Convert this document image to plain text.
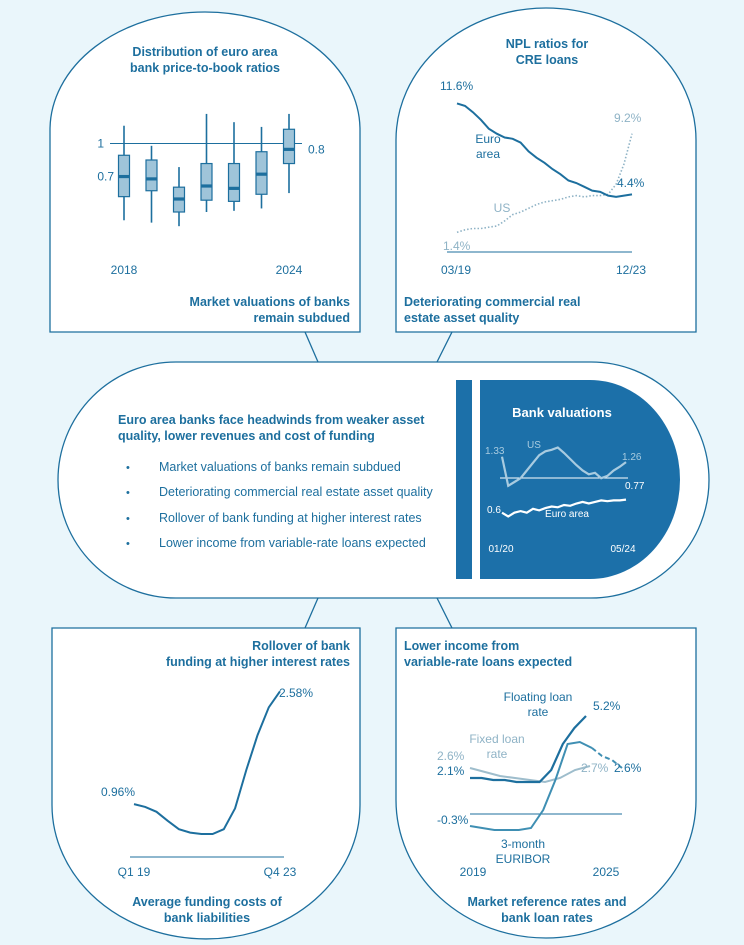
Distribution of euro area
bank price-to-book ratios
1
0.7
0.8
2018	2024
Market valuations of banks
remain subdued
NPL ratios for
CRE loans
11.6%
4.4%
1.4%
9.2%
Euro
area
US
03/19	12/23
Deteriorating commercial real
estate asset quality
Euro area banks face headwinds from weaker asset
quality, lower revenues and cost of funding
• Market valuations of banks remain subdued
• Deteriorating commercial real estate asset quality
• Rollover of bank funding at higher interest rates
• Lower income from variable-rate loans expected
Bank valuations
1.33
1.26
US
0.6
0.77
Euro area
01/20	05/24
Rollover of bank
funding at higher interest rates
0.96%
2.58%
Q1 19	Q4 23
Average funding costs of
bank liabilities
Lower income from
variable-rate loans expected
Floating loan
rate	5.2%
Fixed loan
rate
2.6%
2.7%
2.1%	2.6%
-0.3%
3-month
EURIBOR
2019	2025
Market reference rates and
bank loan rates
